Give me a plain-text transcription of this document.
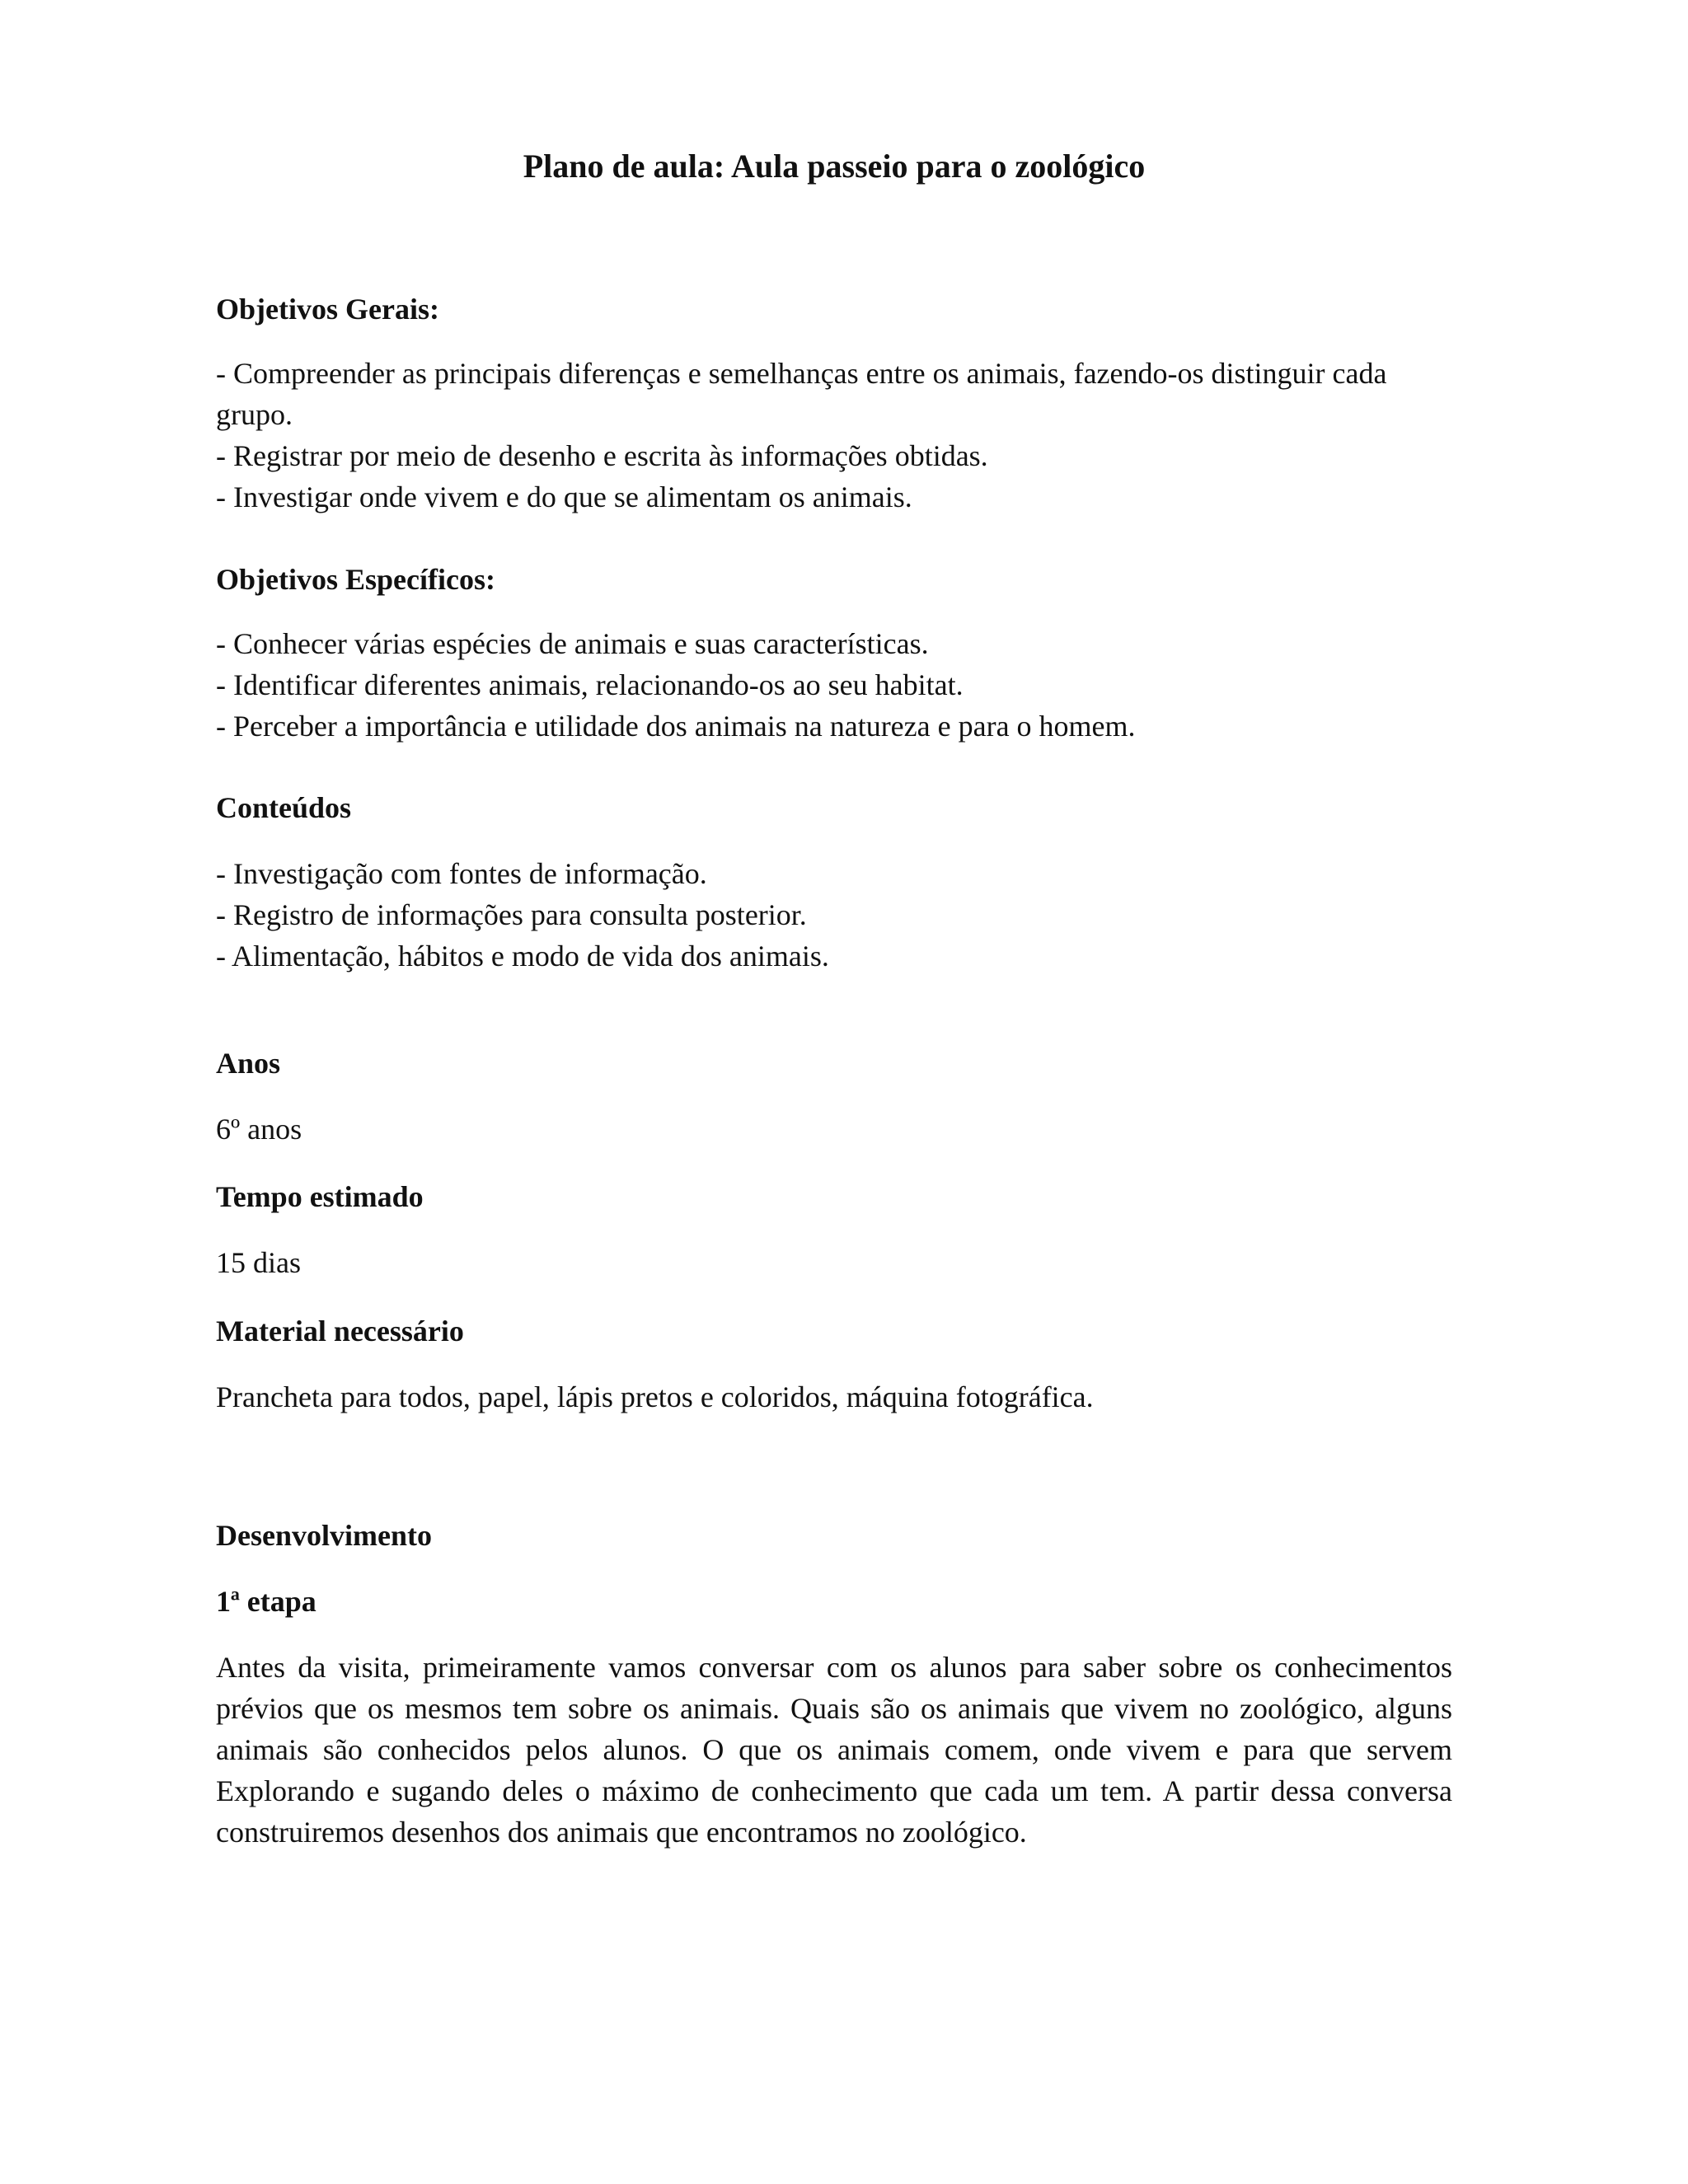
Plano de aula: Aula passeio para o zoológico
Objetivos Gerais:
- Compreender as principais diferenças e semelhanças entre os animais, fazendo-os distinguir cada
grupo.
- Registrar por meio de desenho e escrita às informações obtidas.
- Investigar onde vivem e do que se alimentam os animais.
Objetivos Específicos:
- Conhecer várias espécies de animais e suas características.
- Identificar diferentes animais, relacionando-os ao seu habitat.
- Perceber a importância e utilidade dos animais na natureza e para o homem.
Conteúdos
- Investigação com fontes de informação.
- Registro de informações para consulta posterior.
- Alimentação, hábitos e modo de vida dos animais.
Anos
6º anos
Tempo estimado
15 dias
Material necessário
Prancheta para todos, papel, lápis pretos e coloridos, máquina fotográfica.
Desenvolvimento
1ª etapa
Antes da visita, primeiramente vamos conversar com os alunos para saber sobre os conhecimentos prévios que os mesmos tem sobre os animais. Quais são os animais que vivem no zoológico, alguns animais são conhecidos pelos alunos. O que os animais comem, onde vivem e para que servem Explorando e sugando deles o máximo de conhecimento que cada um tem. A partir dessa conversa construiremos desenhos dos animais que encontramos no zoológico.
